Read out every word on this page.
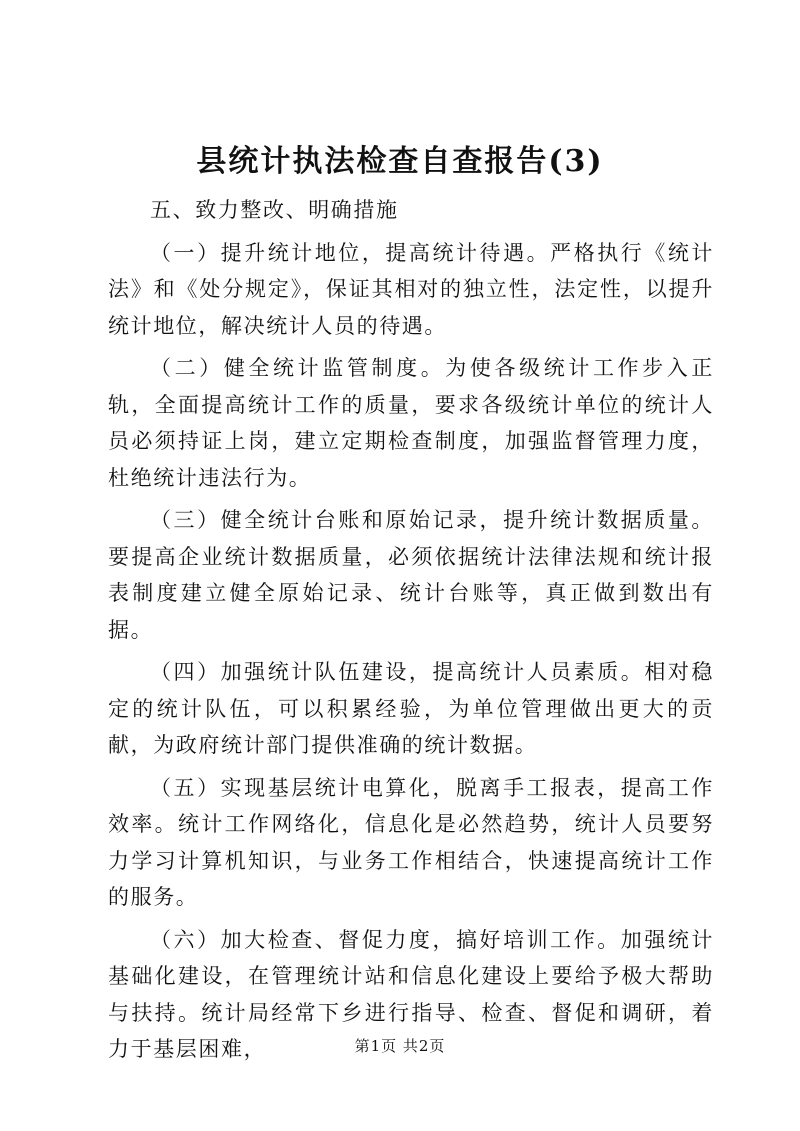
县统计执法检查自查报告(3)

五、致力整改、明确措施

（一）提升统计地位，提高统计待遇。严格执行《统计法》和《处分规定》，保证其相对的独立性，法定性，以提升统计地位，解决统计人员的待遇。

（二）健全统计监管制度。为使各级统计工作步入正轨，全面提高统计工作的质量，要求各级统计单位的统计人员必须持证上岗，建立定期检查制度，加强监督管理力度，杜绝统计违法行为。

（三）健全统计台账和原始记录，提升统计数据质量。要提高企业统计数据质量，必须依据统计法律法规和统计报表制度建立健全原始记录、统计台账等，真正做到数出有据。

（四）加强统计队伍建设，提高统计人员素质。相对稳定的统计队伍，可以积累经验，为单位管理做出更大的贡献，为政府统计部门提供准确的统计数据。

（五）实现基层统计电算化，脱离手工报表，提高工作效率。统计工作网络化，信息化是必然趋势，统计人员要努力学习计算机知识，与业务工作相结合，快速提高统计工作的服务。

（六）加大检查、督促力度，搞好培训工作。加强统计基础化建设，在管理统计站和信息化建设上要给予极大帮助与扶持。统计局经常下乡进行指导、检查、督促和调研，着力于基层困难，	第1页 共2页
